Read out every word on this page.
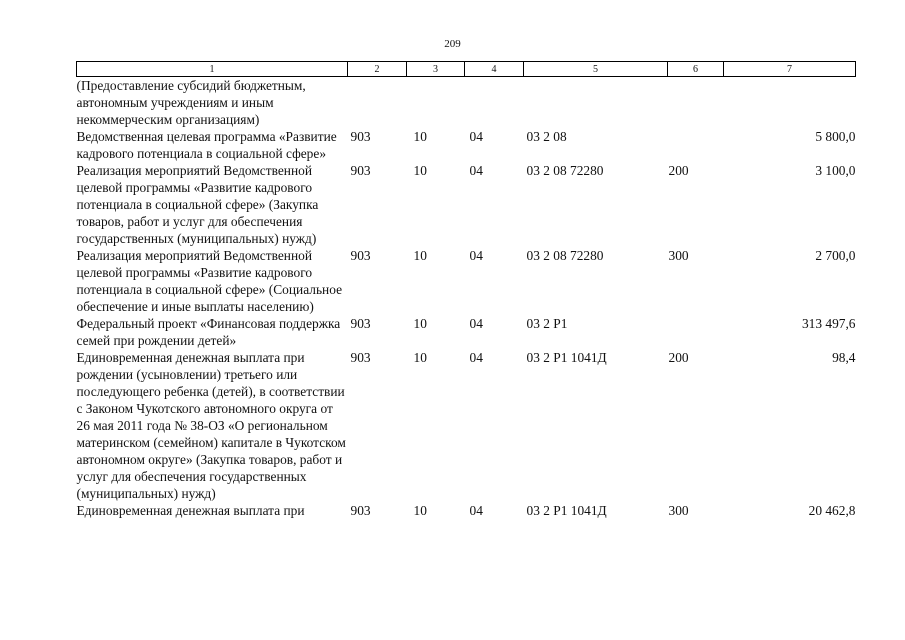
209
1	2	3	4	5	6	7
(Предоставление субсидий бюджетным, автономным учреждениям и иным некоммерческим организациям)						
Ведомственная целевая программа «Развитие кадрового потенциала в социальной сфере»	903	10	04	03 2 08		5 800,0
Реализация мероприятий Ведомственной целевой программы «Развитие кадрового потенциала в социальной сфере» (Закупка товаров, работ и услуг для обеспечения государственных (муниципальных) нужд)	903	10	04	03 2 08 72280	200	3 100,0
Реализация мероприятий Ведомственной целевой программы «Развитие кадрового потенциала в социальной сфере» (Социальное обеспечение и иные выплаты населению)	903	10	04	03 2 08 72280	300	2 700,0
Федеральный проект «Финансовая поддержка семей при рождении детей»	903	10	04	03 2 P1		313 497,6
Единовременная денежная выплата при рождении (усыновлении) третьего или последующего ребенка (детей), в соответствии с Законом Чукотского автономного округа от 26 мая 2011 года № 38-ОЗ «О региональном материнском (семейном) капитале в Чукотском автономном округе» (Закупка товаров, работ и услуг для обеспечения государственных (муниципальных) нужд)	903	10	04	03 2 P1 1041Д	200	98,4
Единовременная денежная выплата при	903	10	04	03 2 P1 1041Д	300	20 462,8
